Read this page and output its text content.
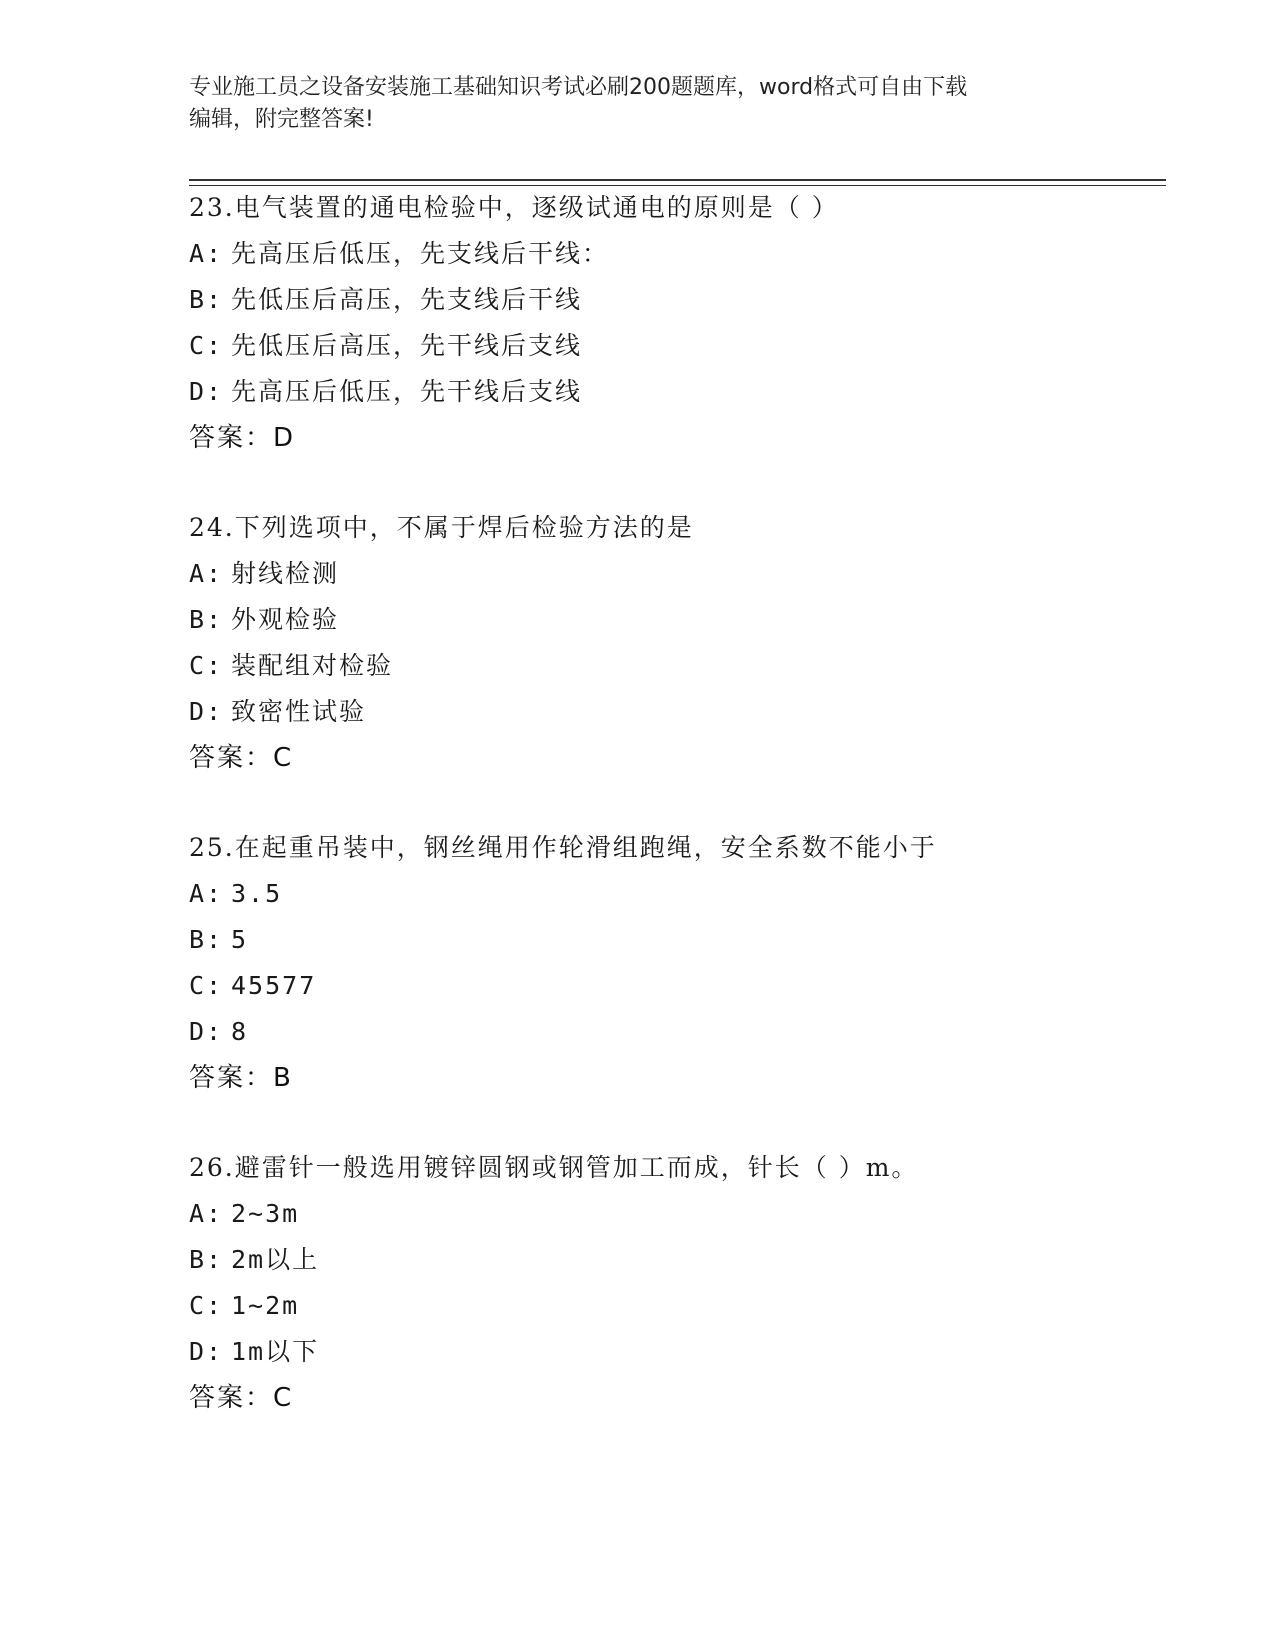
专业施工员之设备安装施工基础知识考试必刷200题题库，word格式可自由下载

编辑，附完整答案!

23.电气装置的通电检验中，逐级试通电的原则是（ ）
A: 先高压后低压，先支线后干线：
B: 先低压后高压，先支线后干线
C: 先低压后高压，先干线后支线
D: 先高压后低压，先干线后支线
答案：D
24.下列选项中，不属于焊后检验方法的是
A: 射线检测
B: 外观检验
C: 装配组对检验
D: 致密性试验
答案：C
25.在起重吊装中，钢丝绳用作轮滑组跑绳，安全系数不能小于
A: 3.5
B: 5
C: 45577
D: 8
答案：B
26.避雷针一般选用镀锌圆钢或钢管加工而成，针长（ ）m。
A: 2~3m
B: 2m以上
C: 1~2m
D: 1m以下
答案：C
